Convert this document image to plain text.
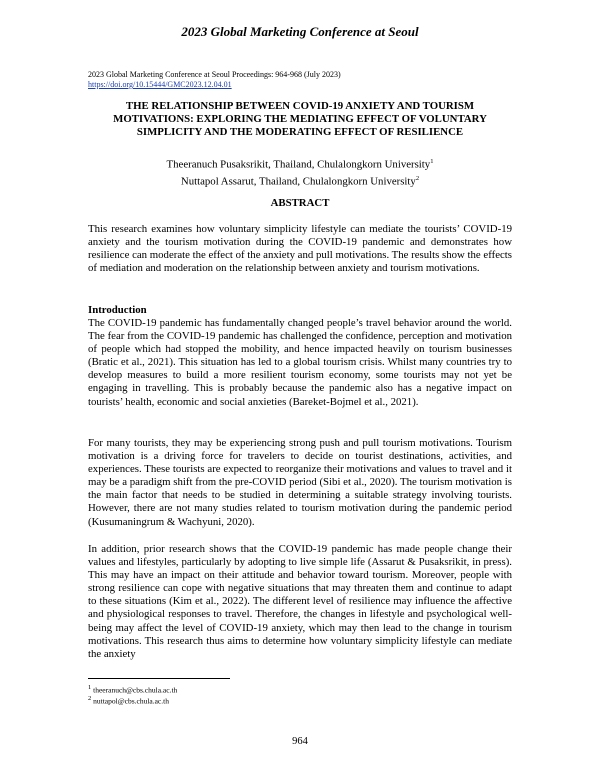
2023 Global Marketing Conference at Seoul
2023 Global Marketing Conference at Seoul Proceedings: 964-968 (July 2023)
https://doi.org/10.15444/GMC2023.12.04.01
THE RELATIONSHIP BETWEEN COVID-19 ANXIETY AND TOURISM
MOTIVATIONS: EXPLORING THE MEDIATING EFFECT OF VOLUNTARY
SIMPLICITY AND THE MODERATING EFFECT OF RESILIENCE
Theeranuch Pusaksrikit, Thailand, Chulalongkorn University$^1$
Nuttapol Assarut, Thailand, Chulalongkorn University$^2$
ABSTRACT
This research examines how voluntary simplicity lifestyle can mediate the tourists’ COVID-19 anxiety and the tourism motivation during the COVID-19 pandemic and demonstrates how resilience can moderate the effect of the anxiety and pull motivations. The results show the effects of mediation and moderation on the relationship between anxiety and tourism motivations.
Introduction
The COVID-19 pandemic has fundamentally changed people’s travel behavior around the world. The fear from the COVID-19 pandemic has challenged the confidence, perception and motivation of people which had stopped the mobility, and hence impacted heavily on tourism businesses (Bratic et al., 2021). This situation has led to a global tourism crisis. Whilst many countries try to develop measures to build a more resilient tourism economy, some tourists may not yet be engaging in travelling. This is probably because the pandemic also has a negative impact on tourists’ health, economic and social anxieties (Bareket-Bojmel et al., 2021).
For many tourists, they may be experiencing strong push and pull tourism motivations. Tourism motivation is a driving force for travelers to decide on tourist destinations, activities, and experiences. These tourists are expected to reorganize their motivations and values to travel and it may be a paradigm shift from the pre-COVID period (Sibi et al., 2020). The tourism motivation is the main factor that needs to be studied in determining a suitable strategy involving tourists. However, there are not many studies related to tourism motivation during the pandemic period (Kusumaningrum & Wachyuni, 2020).
In addition, prior research shows that the COVID-19 pandemic has made people change their values and lifestyles, particularly by adopting to live simple life (Assarut & Pusaksrikit, in press). This may have an impact on their attitude and behavior toward tourism. Moreover, people with strong resilience can cope with negative situations that may threaten them and continue to adapt to these situations (Kim et al., 2022). The different level of resilience may influence the affective and physiological responses to travel. Therefore, the changes in lifestyle and psychological well-being may affect the level of COVID-19 anxiety, which may then lead to the change in tourism motivations. This research thus aims to determine how voluntary simplicity lifestyle can mediate the anxiety
$^1$ theeranuch@cbs.chula.ac.th
$^2$ nuttapol@cbs.chula.ac.th
964
